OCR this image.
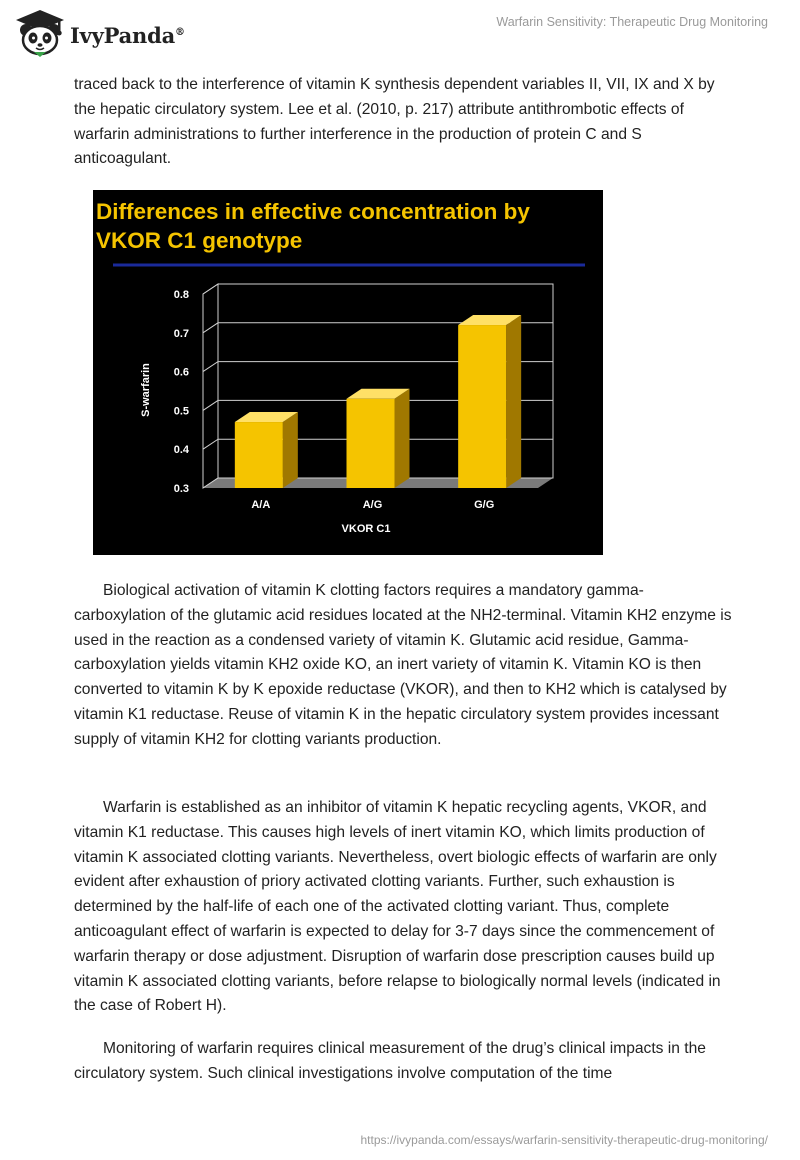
IvyPanda®
Warfarin Sensitivity: Therapeutic Drug Monitoring

traced back to the interference of vitamin K synthesis dependent variables II, VII, IX and X by the hepatic circulatory system. Lee et al. (2010, p. 217) attribute antithrombotic effects of warfarin administrations to further interference in the production of protein C and S anticoagulant.

Differences in effective concentration by
VKOR C1 genotype
S-warfarin
VKOR C1
0.3
0.4
0.5
0.6
0.7
0.8
A/A	A/G	G/G

Biological activation of vitamin K clotting factors requires a mandatory gamma-carboxylation of the glutamic acid residues located at the NH2-terminal. Vitamin KH2 enzyme is used in the reaction as a condensed variety of vitamin K. Glutamic acid residue, Gamma-carboxylation yields vitamin KH2 oxide KO, an inert variety of vitamin K. Vitamin KO is then converted to vitamin K by K epoxide reductase (VKOR), and then to KH2 which is catalysed by vitamin K1 reductase. Reuse of vitamin K in the hepatic circulatory system provides incessant supply of vitamin KH2 for clotting variants production.

Warfarin is established as an inhibitor of vitamin K hepatic recycling agents, VKOR, and vitamin K1 reductase. This causes high levels of inert vitamin KO, which limits production of vitamin K associated clotting variants. Nevertheless, overt biologic effects of warfarin are only evident after exhaustion of priory activated clotting variants. Further, such exhaustion is determined by the half-life of each one of the activated clotting variant. Thus, complete anticoagulant effect of warfarin is expected to delay for 3-7 days since the commencement of warfarin therapy or dose adjustment. Disruption of warfarin dose prescription causes build up vitamin K associated clotting variants, before relapse to biologically normal levels (indicated in the case of Robert H).

Monitoring of warfarin requires clinical measurement of the drug’s clinical impacts in the circulatory system. Such clinical investigations involve computation of the time

https://ivypanda.com/essays/warfarin-sensitivity-therapeutic-drug-monitoring/
